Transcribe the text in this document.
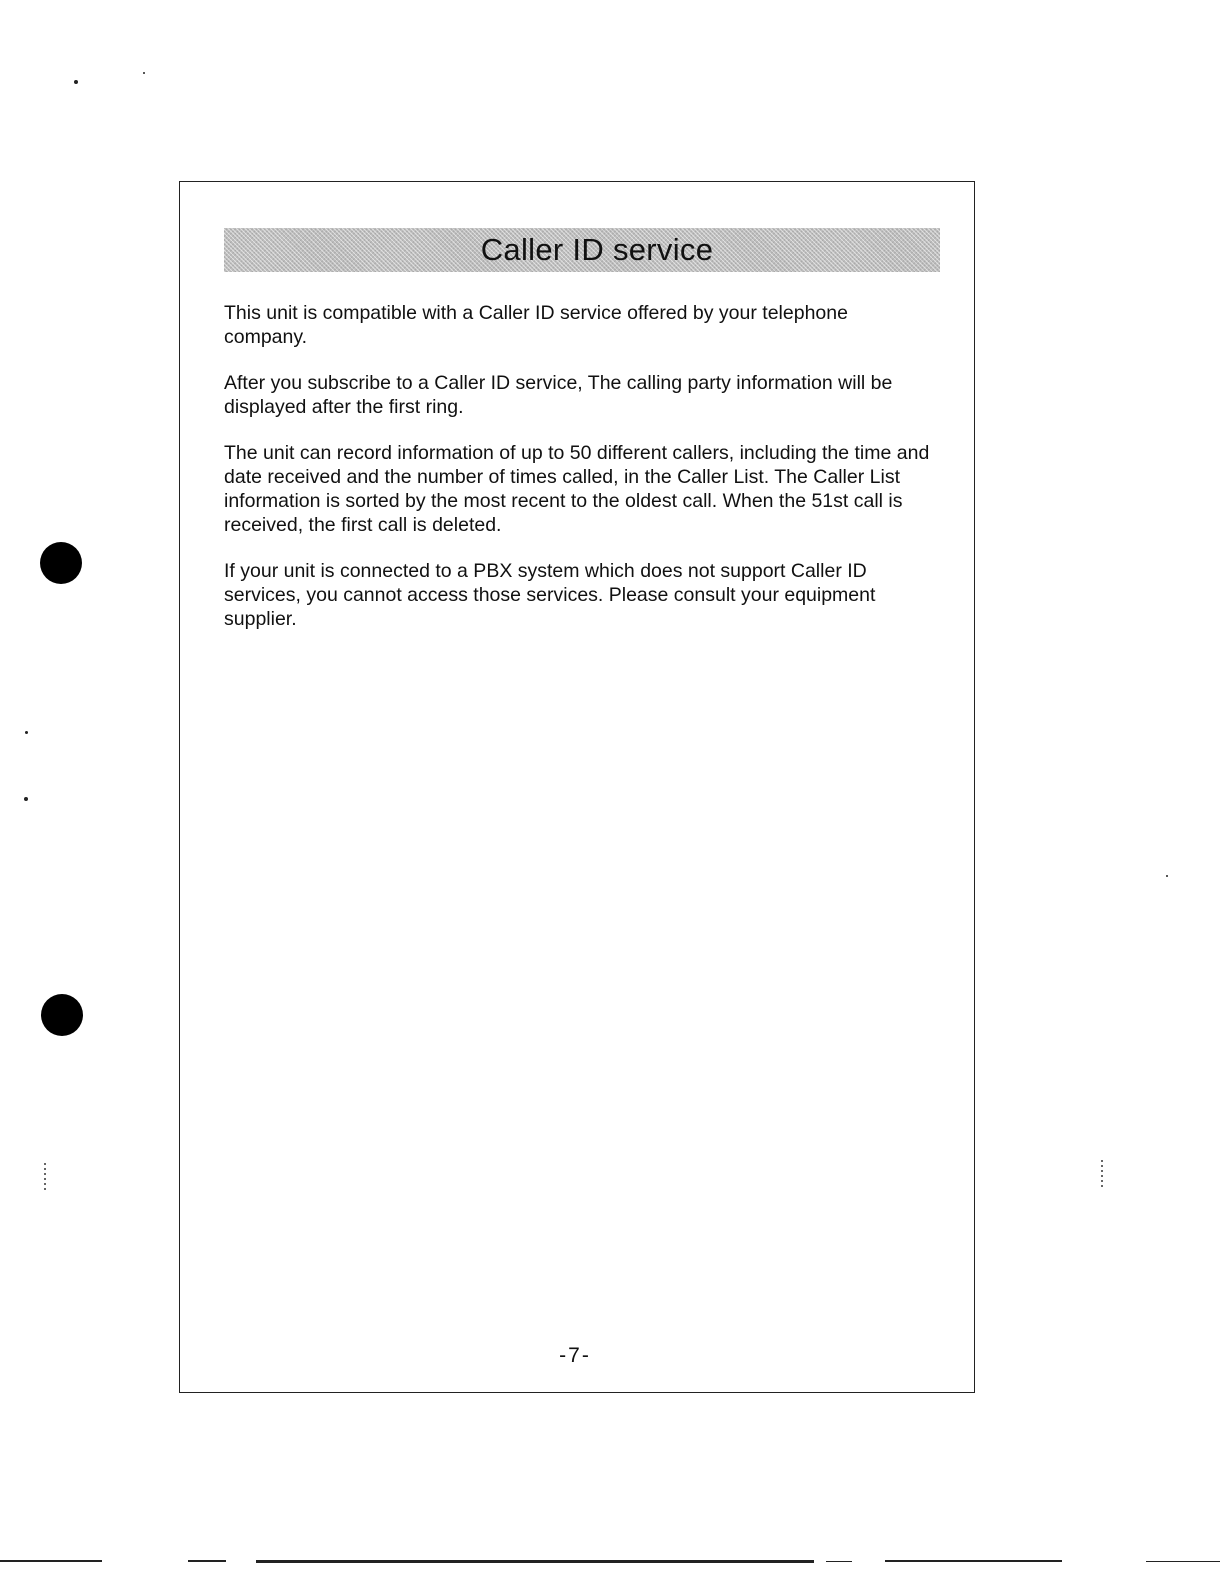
Caller ID service

This unit is compatible with a Caller ID service offered by your telephone company.

After you subscribe to a Caller ID service, The calling party information will be displayed after the first ring.

The unit can record information of up to 50 different callers, including the time and date received and the number of times called, in the Caller List. The Caller List information is sorted by the most recent to the oldest call. When the 51st call is received, the first call is deleted.

If your unit is connected to a PBX system which does not support Caller ID services, you cannot access those services. Please consult your equipment supplier.

-7-
